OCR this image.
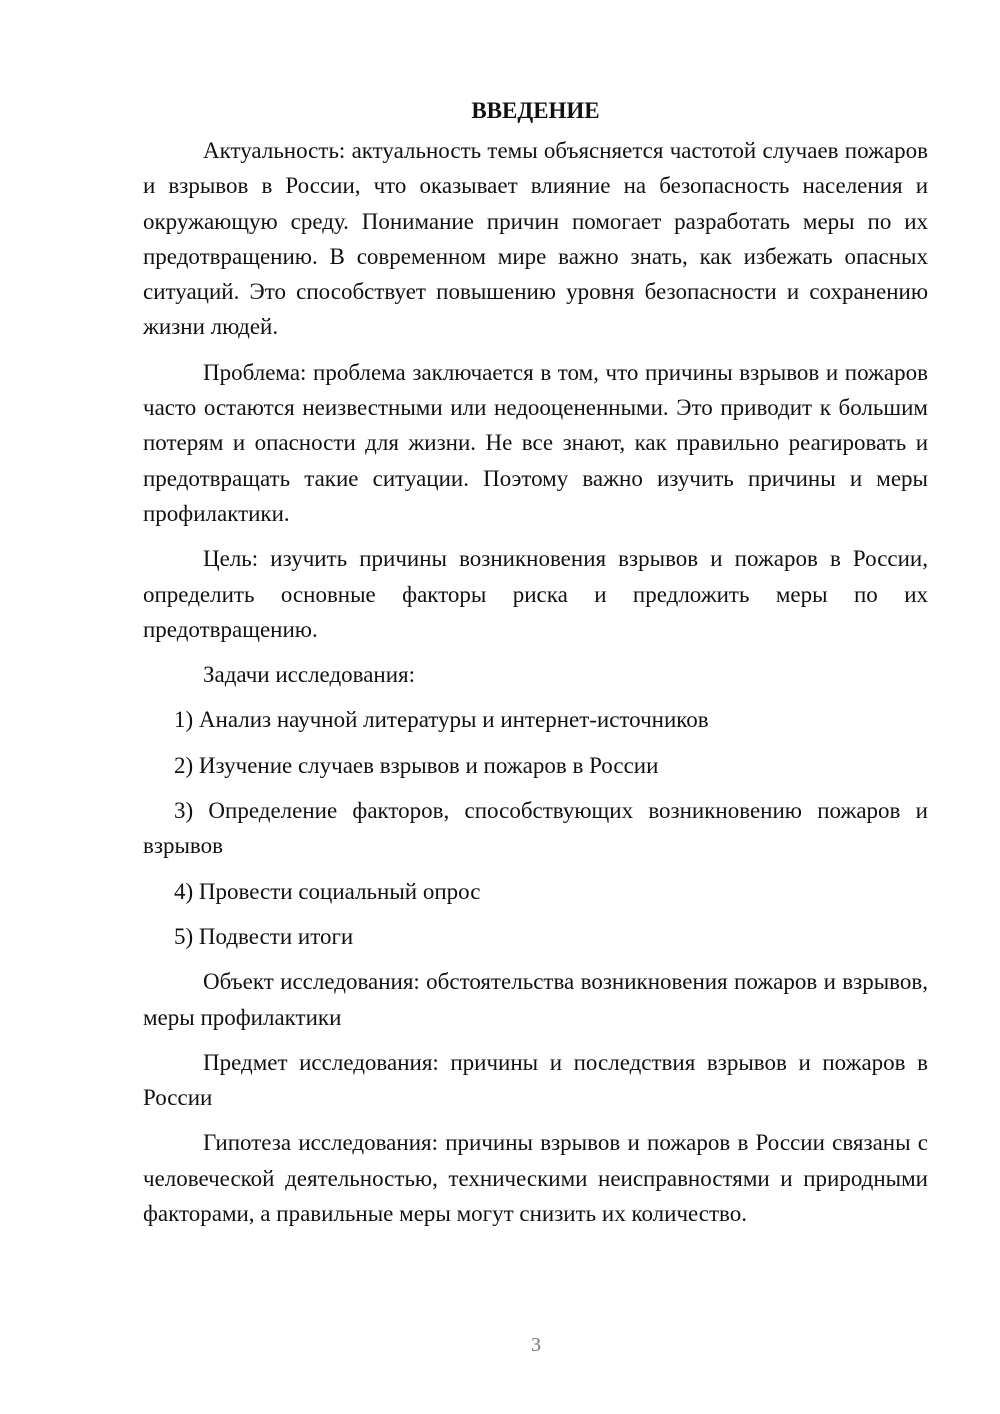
ВВЕДЕНИЕ

Актуальность: актуальность темы объясняется частотой случаев пожаров и взрывов в России, что оказывает влияние на безопасность населения и окружающую среду. Понимание причин помогает разработать меры по их предотвращению. В современном мире важно знать, как избежать опасных ситуаций. Это способствует повышению уровня безопасности и сохранению жизни людей.

Проблема: проблема заключается в том, что причины взрывов и пожаров часто остаются неизвестными или недооцененными. Это приводит к большим потерям и опасности для жизни. Не все знают, как правильно реагировать и предотвращать такие ситуации. Поэтому важно изучить причины и меры профилактики.

Цель: изучить причины возникновения взрывов и пожаров в России, определить основные факторы риска и предложить меры по их предотвращению.

Задачи исследования:

1) Анализ научной литературы и интернет-источников

2) Изучение случаев взрывов и пожаров в России

3) Определение факторов, способствующих возникновению пожаров и взрывов

4) Провести социальный опрос

5) Подвести итоги

Объект исследования: обстоятельства возникновения пожаров и взрывов, меры профилактики

Предмет исследования: причины и последствия взрывов и пожаров в России

Гипотеза исследования: причины взрывов и пожаров в России связаны с человеческой деятельностью, техническими неисправностями и природными факторами, а правильные меры могут снизить их количество.

3
